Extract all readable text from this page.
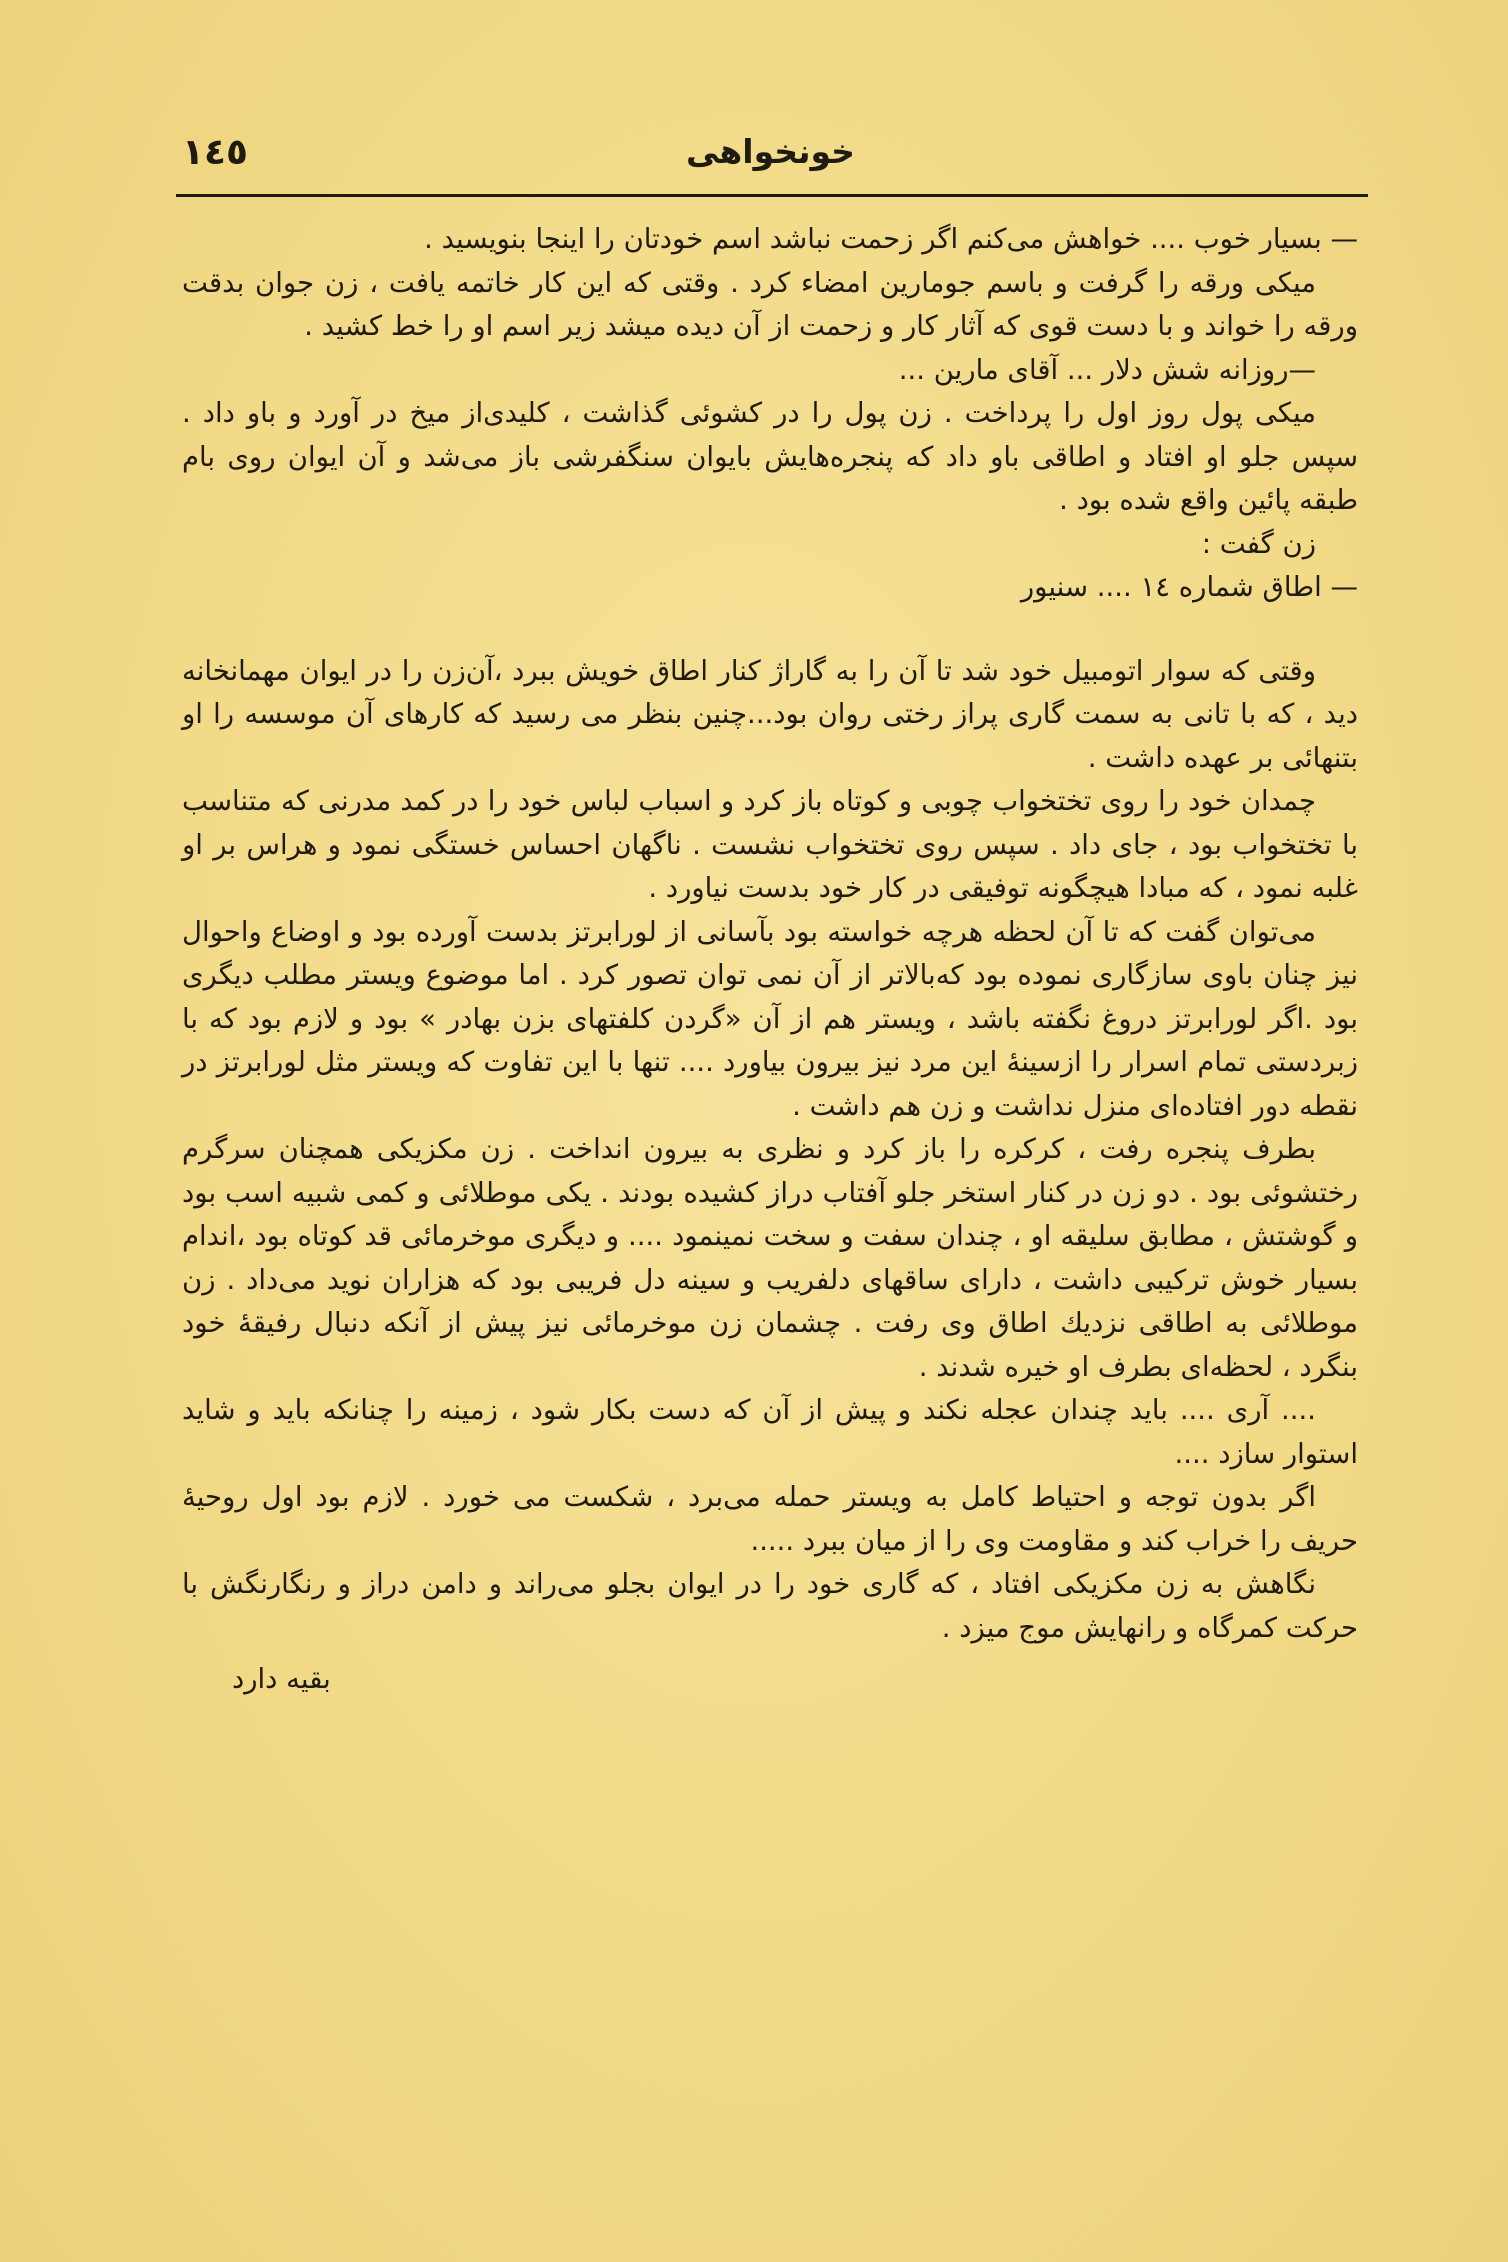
١٤٥	خونخواهی

— بسیار خوب .... خواهش می‌کنم اگر زحمت نباشد اسم خودتان را اینجا بنویسید .

میکی ورقه را گرفت و باسم جومارین امضاء کرد . وقتی که این کار خاتمه یافت ، زن جوان بدقت ورقه را خواند و با دست قوی که آثار کار و زحمت از آن دیده میشد زیر اسم او را خط کشید .

—روزانه شش دلار ... آقای مارین ...

میکی پول روز اول را پرداخت . زن پول را در کشوئی گذاشت ، کلیدی‌از میخ در آورد و باو داد . سپس جلو او افتاد و اطاقی باو داد که پنجره‌هایش بایوان سنگفرشی باز می‌شد و آن ایوان روی بام طبقه پائین واقع شده بود .

زن گفت :

— اطاق شماره ١٤ .... سنیور

وقتی که سوار اتومبیل خود شد تا آن را به گاراژ کنار اطاق خویش ببرد ،آن‌زن را در ایوان مهمانخانه دید ، که با تانی به سمت گاری پراز رختی روان بود...چنین بنظر می رسید که کارهای آن موسسه را او بتنهائی بر عهده داشت .

چمدان خود را روی تختخواب چوبی و کوتاه باز کرد و اسباب لباس خود را در کمد مدرنی که متناسب با تختخواب بود ، جای داد . سپس روی تختخواب نشست . ناگهان احساس خستگی نمود و هراس بر او غلبه نمود ، که مبادا هیچگونه توفیقی در کار خود بدست نیاورد .

می‌توان گفت که تا آن لحظه هرچه خواسته بود بآسانی از لورابرتز بدست آورده بود و اوضاع واحوال نیز چنان باوی سازگاری نموده بود که‌بالاتر از آن نمی توان تصور کرد . اما موضوع ویستر مطلب دیگری بود .اگر لورابرتز دروغ نگفته باشد ، ویستر هم از آن «گردن کلفتهای بزن بهادر » بود و لازم بود که با زبردستی تمام اسرار را ازسینهٔ این مرد نیز بیرون بیاورد .... تنها با این تفاوت که ویستر مثل لورابرتز در نقطه دور افتاده‌ای منزل نداشت و زن هم داشت .

بطرف پنجره رفت ، کرکره را باز کرد و نظری به بیرون انداخت . زن مکزیکی همچنان سرگرم رختشوئی بود . دو زن در کنار استخر جلو آفتاب دراز کشیده بودند . یکی موطلائی و کمی شبیه اسب بود و گوشتش ، مطابق سلیقه او ، چندان سفت و سخت نمینمود .... و دیگری موخرمائی قد کوتاه بود ،اندام بسیار خوش ترکیبی داشت ، دارای ساقهای دلفریب و سینه دل فریبی بود که هزاران نوید می‌داد . زن موطلائی به اطاقی نزدیك اطاق وی رفت . چشمان زن موخرمائی نیز پیش از آنکه دنبال رفیقهٔ خود بنگرد ، لحظه‌ای بطرف او خیره شدند .

.... آری .... باید چندان عجله نکند و پیش از آن که دست بکار شود ، زمینه را چنانکه باید و شاید استوار سازد ....

اگر بدون توجه و احتیاط کامل به ویستر حمله می‌برد ، شکست می خورد . لازم بود اول روحیهٔ حریف را خراب کند و مقاومت وی را از میان ببرد .....

نگاهش به زن مکزیکی افتاد ، که گاری خود را در ایوان بجلو می‌راند و دامن دراز و رنگارنگش با حرکت کمرگاه و رانهایش موج میزد .

بقیه دارد
